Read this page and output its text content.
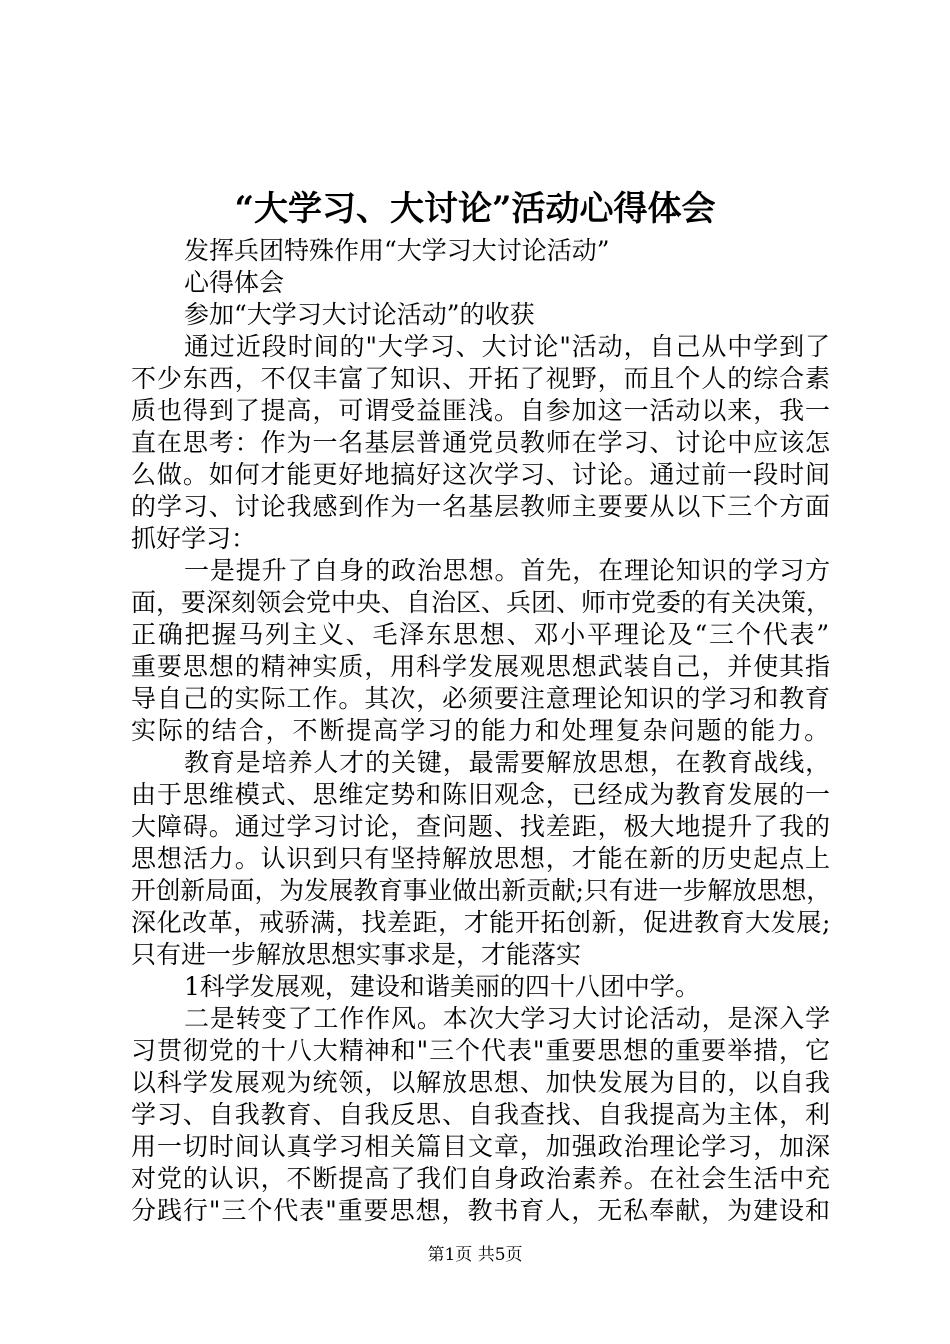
“大学习、大讨论”活动心得体会
发挥兵团特殊作用“大学习大讨论活动”
心得体会
参加“大学习大讨论活动”的收获
通过近段时间的"大学习、大讨论"活动，自己从中学到了
不少东西，不仅丰富了知识、开拓了视野，而且个人的综合素
质也得到了提高，可谓受益匪浅。自参加这一活动以来，我一
直在思考：作为一名基层普通党员教师在学习、讨论中应该怎
么做。如何才能更好地搞好这次学习、讨论。通过前一段时间
的学习、讨论我感到作为一名基层教师主要要从以下三个方面
抓好学习：
一是提升了自身的政治思想。首先，在理论知识的学习方
面，要深刻领会党中央、自治区、兵团、师市党委的有关决策，
正确把握马列主义、毛泽东思想、邓小平理论及“三个代表”
重要思想的精神实质，用科学发展观思想武装自己，并使其指
导自己的实际工作。其次，必须要注意理论知识的学习和教育
实际的结合，不断提高学习的能力和处理复杂问题的能力。
教育是培养人才的关键，最需要解放思想，在教育战线，
由于思维模式、思维定势和陈旧观念，已经成为教育发展的一
大障碍。通过学习讨论，查问题、找差距，极大地提升了我的
思想活力。认识到只有坚持解放思想，才能在新的历史起点上
开创新局面，为发展教育事业做出新贡献;只有进一步解放思想，
深化改革，戒骄满，找差距，才能开拓创新，促进教育大发展;
只有进一步解放思想实事求是，才能落实
1科学发展观，建设和谐美丽的四十八团中学。
二是转变了工作作风。本次大学习大讨论活动，是深入学
习贯彻党的十八大精神和"三个代表"重要思想的重要举措，它
以科学发展观为统领，以解放思想、加快发展为目的，以自我
学习、自我教育、自我反思、自我查找、自我提高为主体，利
用一切时间认真学习相关篇目文章，加强政治理论学习，加深
对党的认识，不断提高了我们自身政治素养。在社会生活中充
分践行"三个代表"重要思想，教书育人，无私奉献，为建设和
第1页 共5页
